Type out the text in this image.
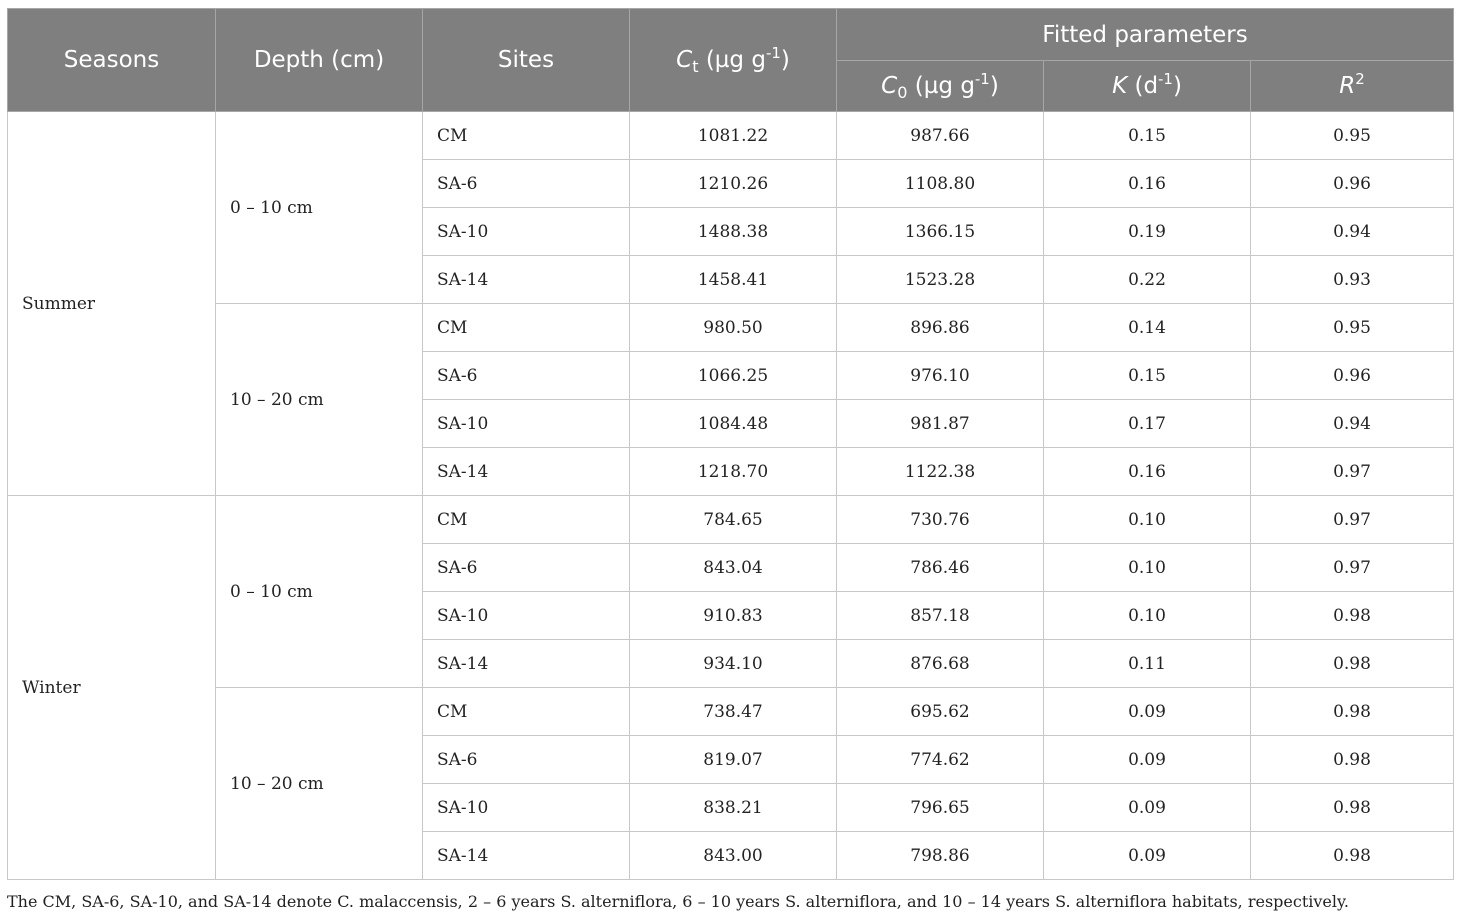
Seasons	Depth (cm)	Sites	$C_t$ (µg $g^{-1}$)	Fitted parameters		
				$C_0$ (µg $g^{-1}$)	K $(d^{-1})$	$R^2$
Summer	0 – 10 cm	CM	1081.22	987.66	0.15	0.95
		SA-6	1210.26	1108.80	0.16	0.96
		SA-10	1488.38	1366.15	0.19	0.94
		SA-14	1458.41	1523.28	0.22	0.93
	10 – 20 cm	CM	980.50	896.86	0.14	0.95
		SA-6	1066.25	976.10	0.15	0.96
		SA-10	1084.48	981.87	0.17	0.94
		SA-14	1218.70	1122.38	0.16	0.97
Winter	0 – 10 cm	CM	784.65	730.76	0.10	0.97
		SA-6	843.04	786.46	0.10	0.97
		SA-10	910.83	857.18	0.10	0.98
		SA-14	934.10	876.68	0.11	0.98
	10 – 20 cm	CM	738.47	695.62	0.09	0.98
		SA-6	819.07	774.62	0.09	0.98
		SA-10	838.21	796.65	0.09	0.98
		SA-14	843.00	798.86	0.09	0.98
The CM, SA-6, SA-10, and SA-14 denote C. malaccensis, 2 – 6 years S. alterniflora, 6 – 10 years S. alterniflora, and 10 – 14 years S. alterniflora habitats, respectively.
